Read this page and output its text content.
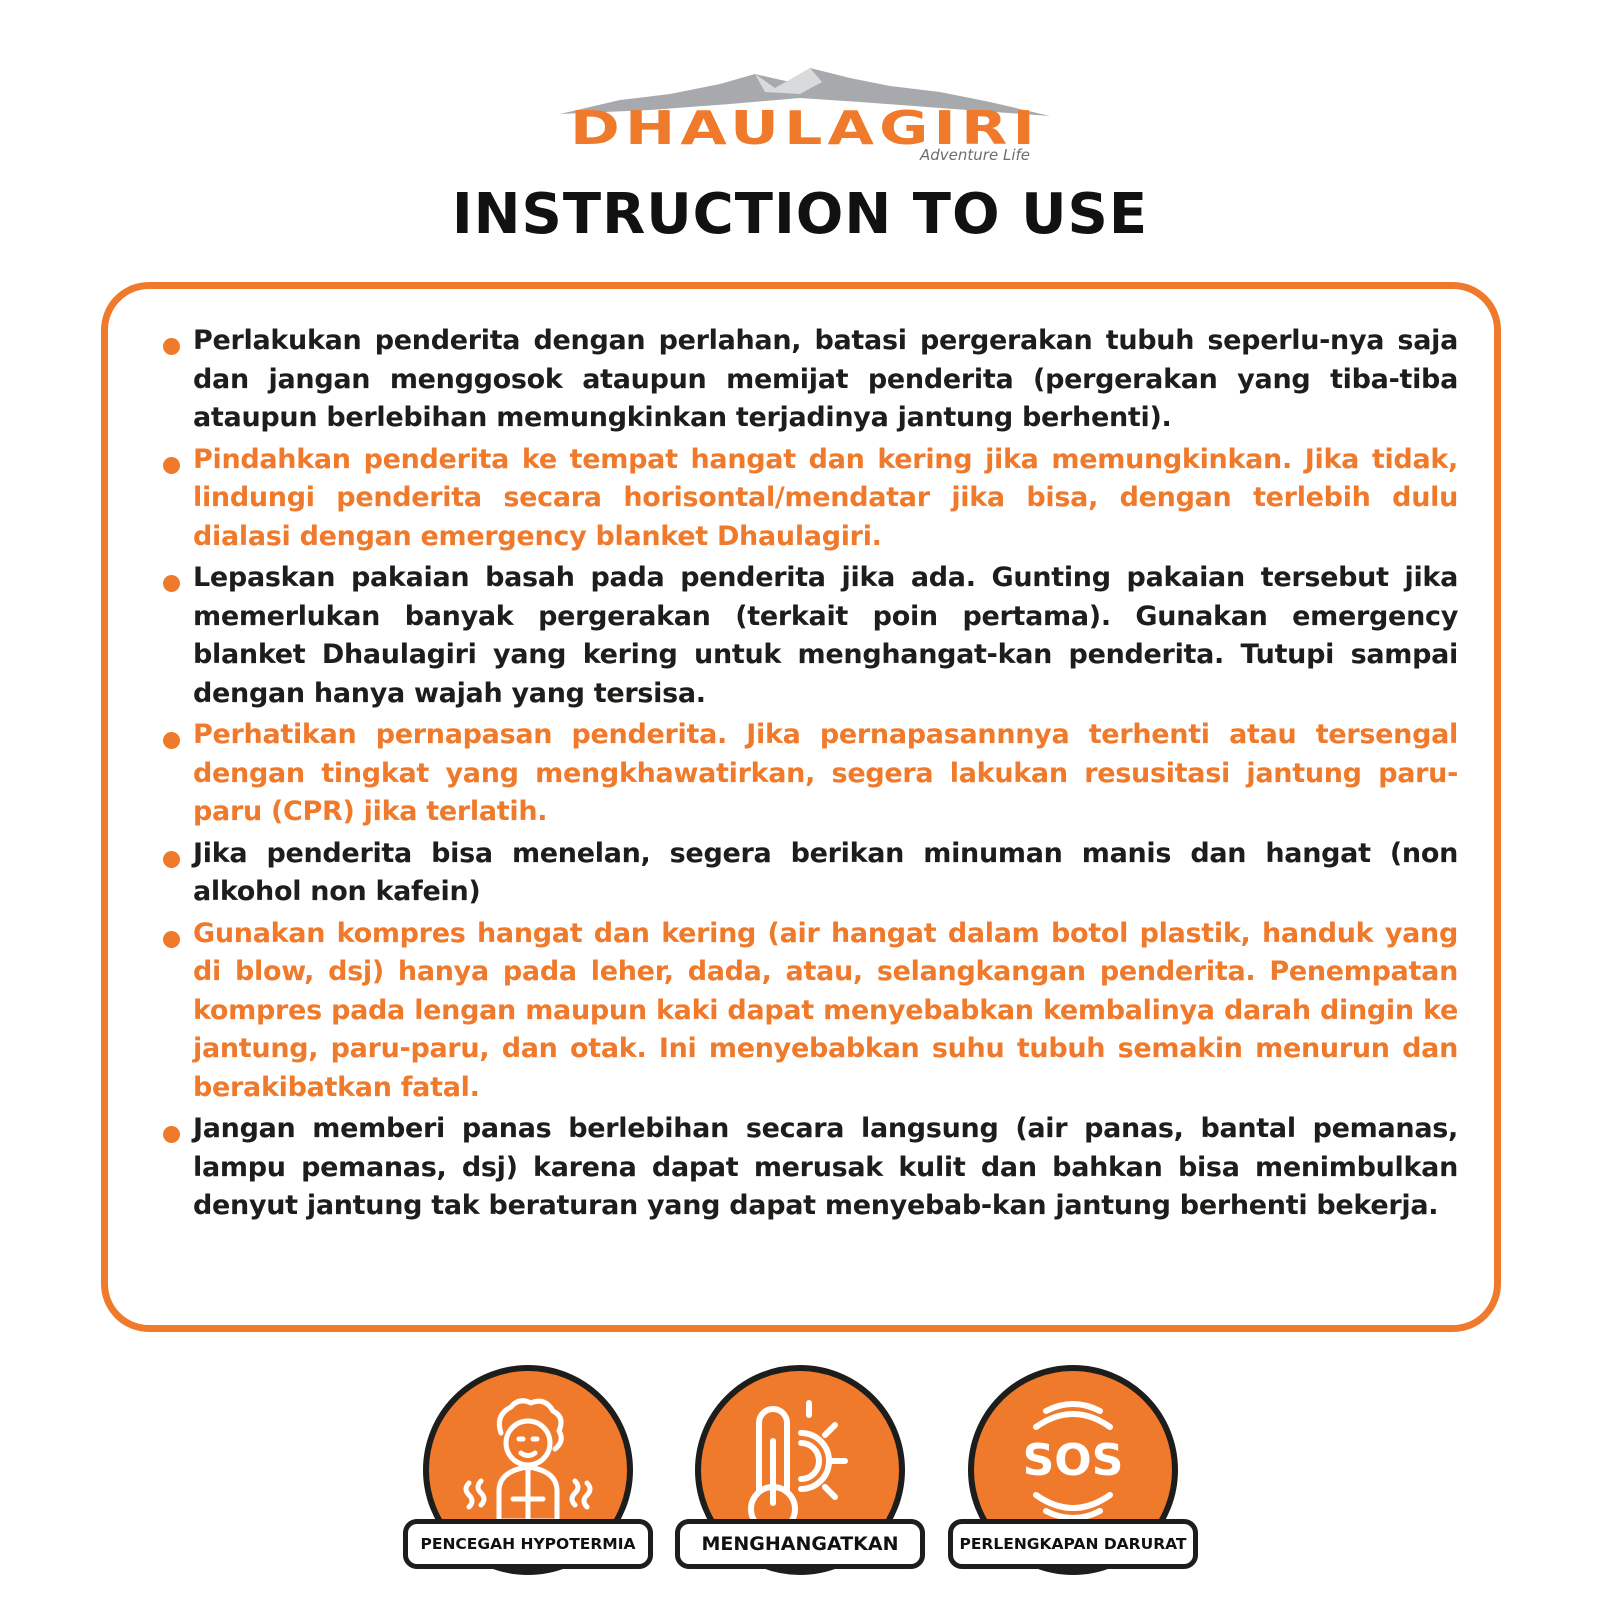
DHAULAGIRI
Adventure Life
INSTRUCTION TO USE
Perlakukan penderita dengan perlahan, batasi pergerakan tubuh seperlu-nya saja dan jangan menggosok ataupun memijat penderita (pergerakan yang tiba-tiba ataupun berlebihan memungkinkan terjadinya jantung berhenti).
Pindahkan penderita ke tempat hangat dan kering jika memungkinkan. Jika tidak, lindungi penderita secara horisontal/mendatar jika bisa, dengan terlebih dulu dialasi dengan emergency blanket Dhaulagiri.
Lepaskan pakaian basah pada penderita jika ada. Gunting pakaian tersebut jika memerlukan banyak pergerakan (terkait poin pertama). Gunakan emergency blanket Dhaulagiri yang kering untuk menghangat-kan penderita. Tutupi sampai dengan hanya wajah yang tersisa.
Perhatikan pernapasan penderita. Jika pernapasannnya terhenti atau tersengal dengan tingkat yang mengkhawatirkan, segera lakukan resusitasi jantung paru-paru (CPR) jika terlatih.
Jika penderita bisa menelan, segera berikan minuman manis dan hangat (non alkohol non kafein)
Gunakan kompres hangat dan kering (air hangat dalam botol plastik, handuk yang di blow, dsj) hanya pada leher, dada, atau, selangkangan penderita. Penempatan kompres pada lengan maupun kaki dapat menyebabkan kembalinya darah dingin ke jantung, paru-paru, dan otak. Ini menyebabkan suhu tubuh semakin menurun dan berakibatkan fatal.
Jangan memberi panas berlebihan secara langsung (air panas, bantal pemanas, lampu pemanas, dsj) karena dapat merusak kulit dan bahkan bisa menimbulkan denyut jantung tak beraturan yang dapat menyebab-kan jantung berhenti bekerja.
PENCEGAH HYPOTERMIA	MENGHANGATKAN
SOS
PERLENGKAPAN DARURAT
